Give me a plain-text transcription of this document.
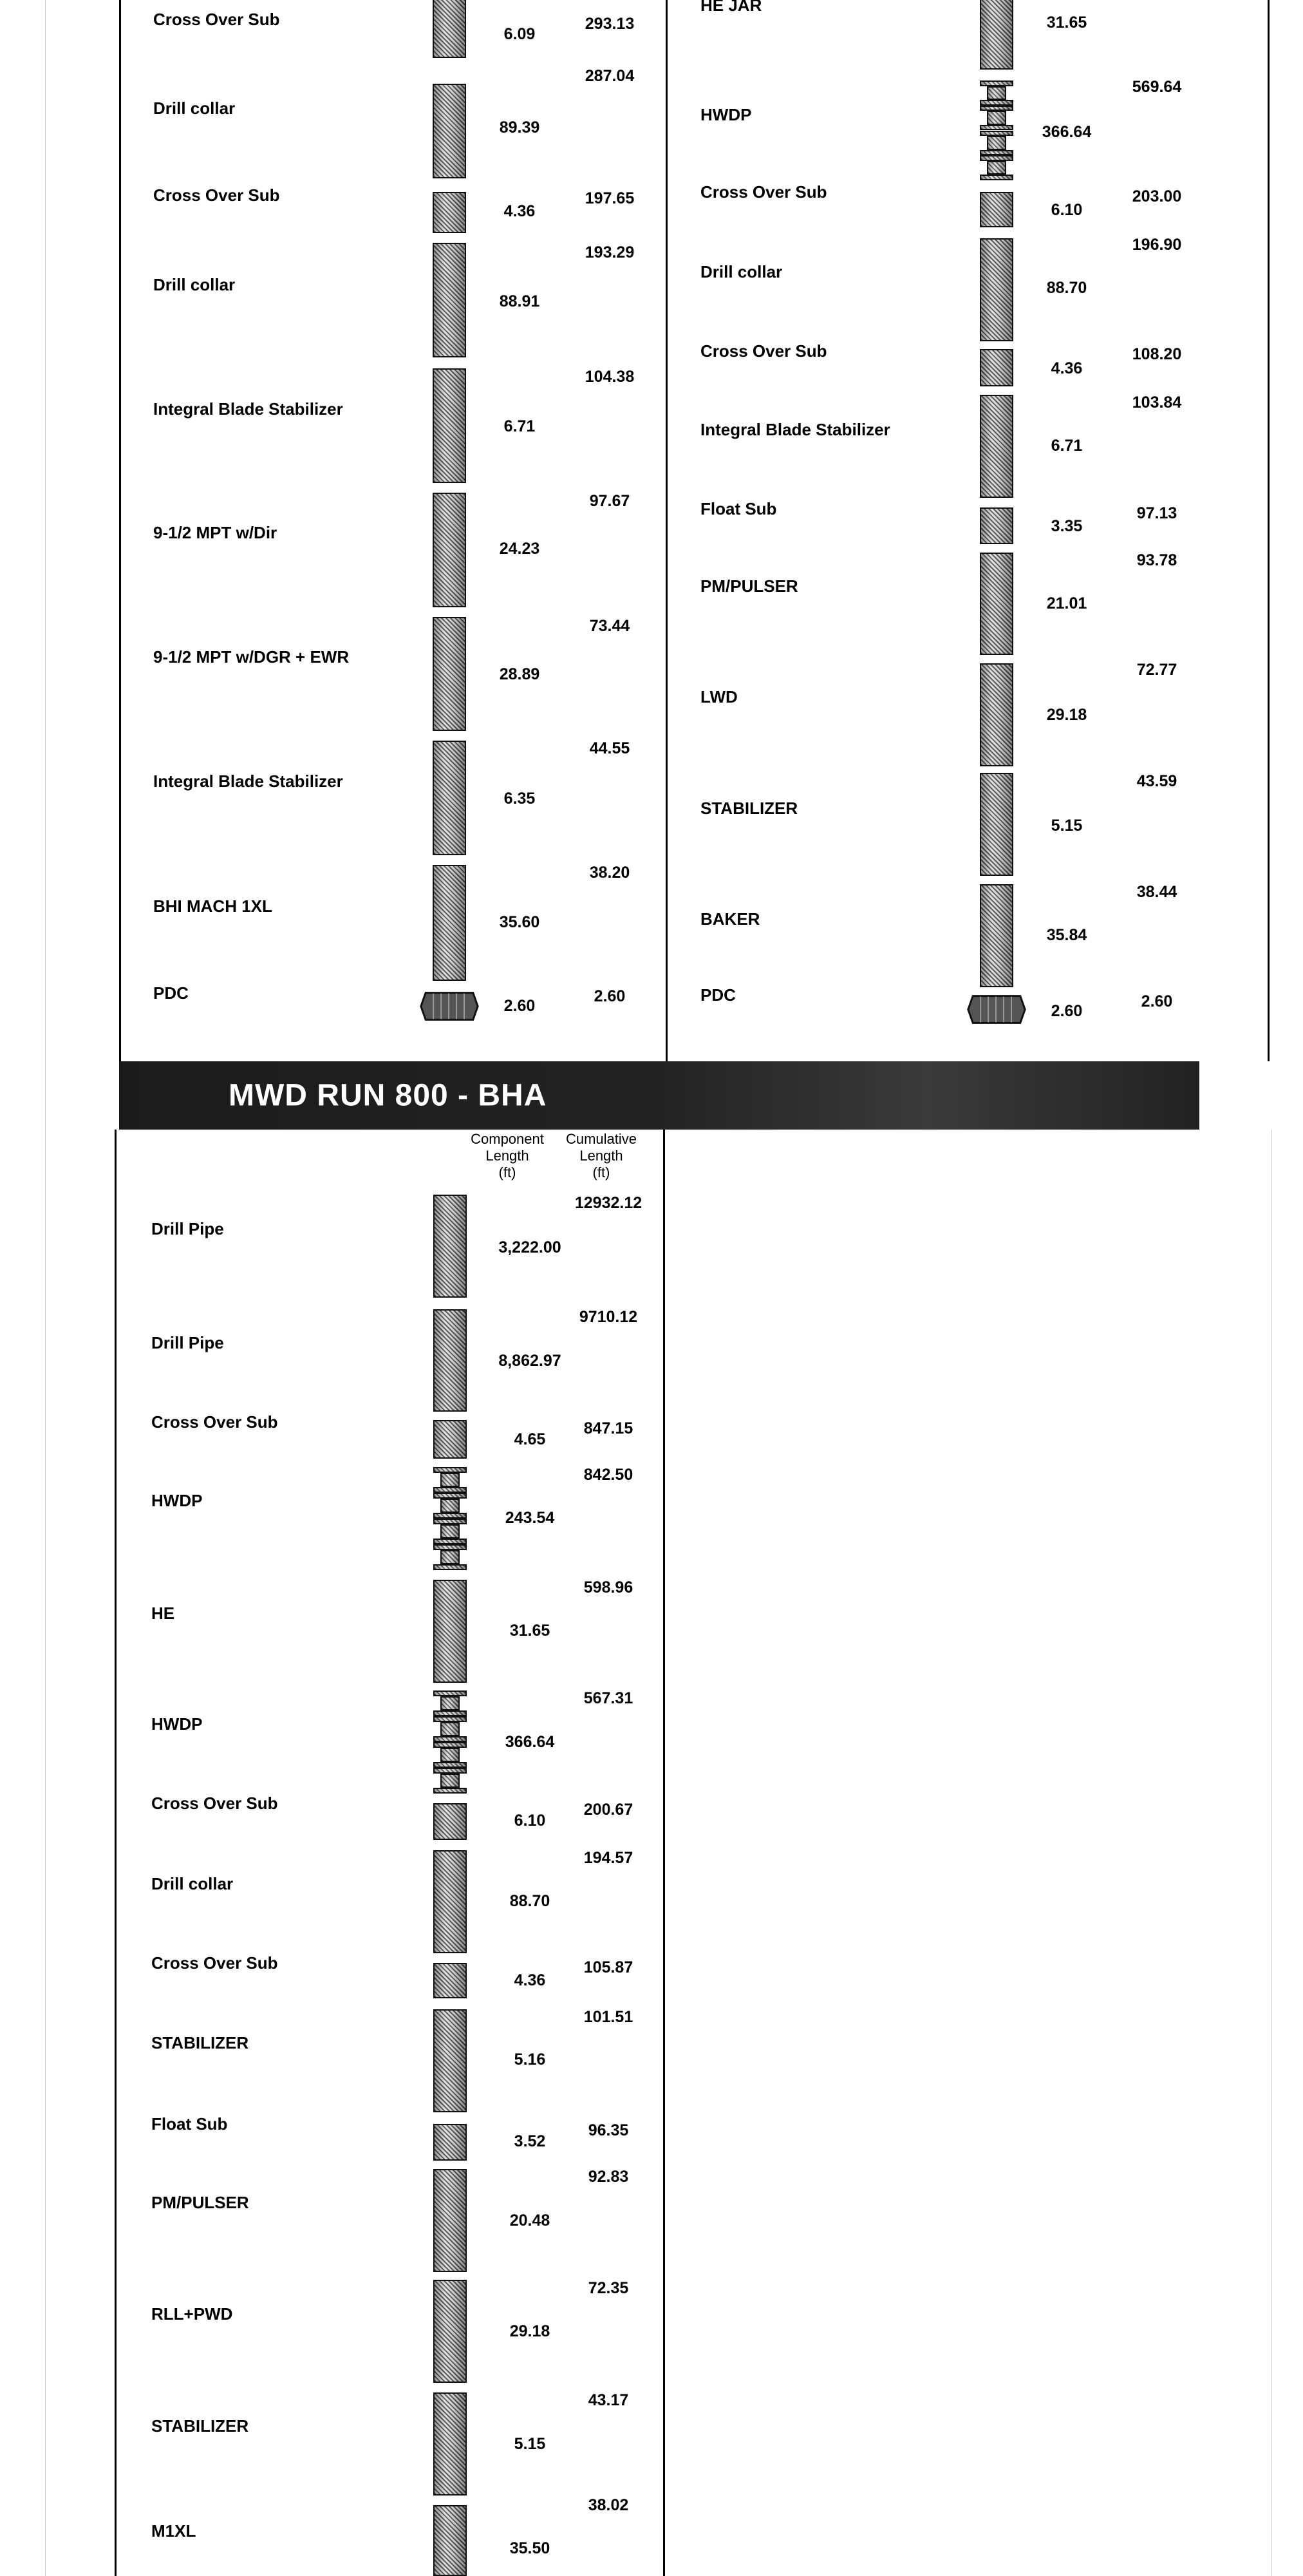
MWD RUN 800 - BHA
Component
Length
(ft)
Cumulative
Length
(ft)
Cross Over Sub
6.09
293.13
Drill collar
89.39
287.04
Cross Over Sub
4.36
197.65
Drill collar
88.91
193.29
Integral Blade Stabilizer
6.71
104.38
9-1/2 MPT w/Dir
24.23
97.67
9-1/2 MPT w/DGR + EWR
28.89
73.44
Integral Blade Stabilizer
6.35
44.55
BHI MACH 1XL
35.60
38.20
PDC
2.60
2.60
HE JAR
31.65
HWDP
366.64
569.64
Cross Over Sub
6.10
203.00
Drill collar
88.70
196.90
Cross Over Sub
4.36
108.20
Integral Blade Stabilizer
6.71
103.84
Float Sub
3.35
97.13
PM/PULSER
21.01
93.78
LWD
29.18
72.77
STABILIZER
5.15
43.59
BAKER
35.84
38.44
PDC
2.60
2.60
Drill Pipe
3,222.00
12932.12
Drill Pipe
8,862.97
9710.12
Cross Over Sub
4.65
847.15
HWDP
243.54
842.50
HE
31.65
598.96
HWDP
366.64
567.31
Cross Over Sub
6.10
200.67
Drill collar
88.70
194.57
Cross Over Sub
4.36
105.87
STABILIZER
5.16
101.51
Float Sub
3.52
96.35
PM/PULSER
20.48
92.83
RLL+PWD
29.18
72.35
STABILIZER
5.15
43.17
M1XL
35.50
38.02
